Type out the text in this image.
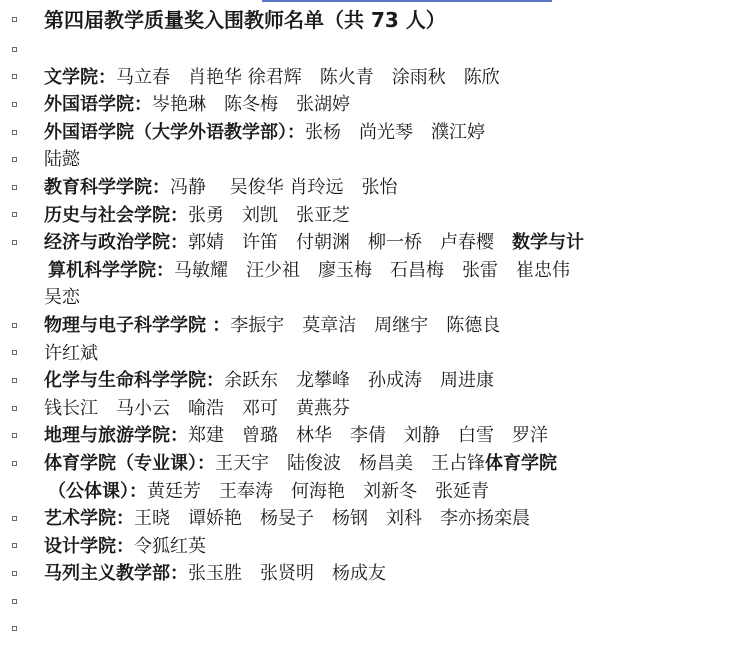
第四届教学质量奖入围教师名单（共 73 人）
文学院：马立春　肖艳华 徐君辉　陈火青　涂雨秋　陈欣
外国语学院：岑艳琳　陈冬梅　张湖婷
外国语学院（大学外语教学部）：张杨　尚光琴　濮江婷
陆懿
教育科学学院：冯静　 吴俊华 肖玲远　张怡
历史与社会学院：张勇　刘凯　张亚芝
经济与政治学院：郭婧　许笛　付朝渊　柳一桥　卢春樱　 数学与计
算机科学学院：马敏耀　汪少祖　廖玉梅　石昌梅　张雷　崔忠伟
吴恋
物理与电子科学学院 ：李振宇　莫章洁　周继宇　陈德良
许红斌
化学与生命科学学院：余跃东　龙攀峰　孙成涛　周进康
钱长江　马小云　喻浩　邓可　黄燕芬
地理与旅游学院：郑建　曾璐　林华　李倩　刘静　白雪　罗洋
体育学院（专业课）：王天宇　陆俊波　杨昌美　王占锋体育学院
（公体课）：黄廷芳　王奉涛　何海艳　刘新冬　张延青
艺术学院：王晓　谭娇艳　杨旻子　杨钢　刘科　李亦扬栾晨
设计学院：令狐红英
马列主义教学部：张玉胜　张贤明　杨成友
